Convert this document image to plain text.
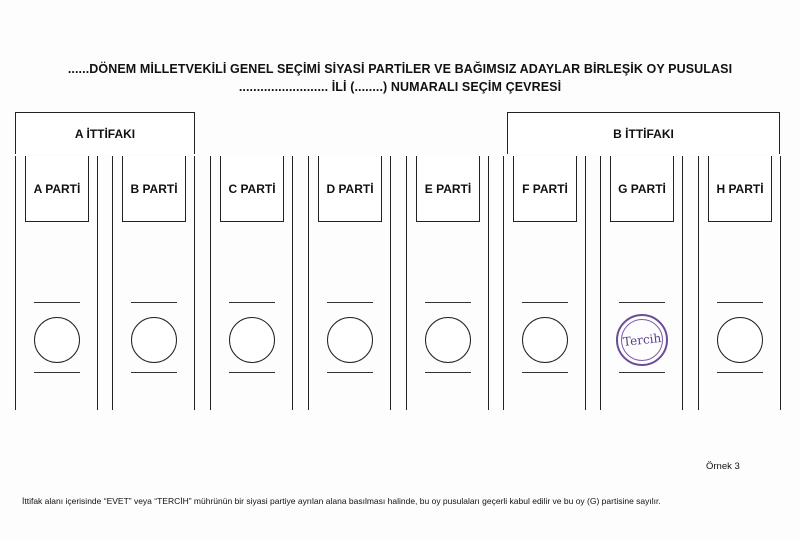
......DÖNEM MİLLETVEKİLİ GENEL SEÇİMİ SİYASİ PARTİLER VE BAĞIMSIZ ADAYLAR BİRLEŞİK OY PUSULASI
......................... İLİ (........) NUMARALI SEÇİM ÇEVRESİ
A İTTİFAKI	B İTTİFAKI
A PARTİ	B PARTİ	C PARTİ	D PARTİ	E PARTİ	F PARTİ	G PARTİ
Tercih
H PARTİ
Örnek 3
İttifak alanı içerisinde “EVET” veya “TERCİH” mührünün bir siyasi partiye ayrılan alana basılması halinde, bu oy pusulaları geçerli kabul edilir ve bu oy (G) partisine sayılır.
